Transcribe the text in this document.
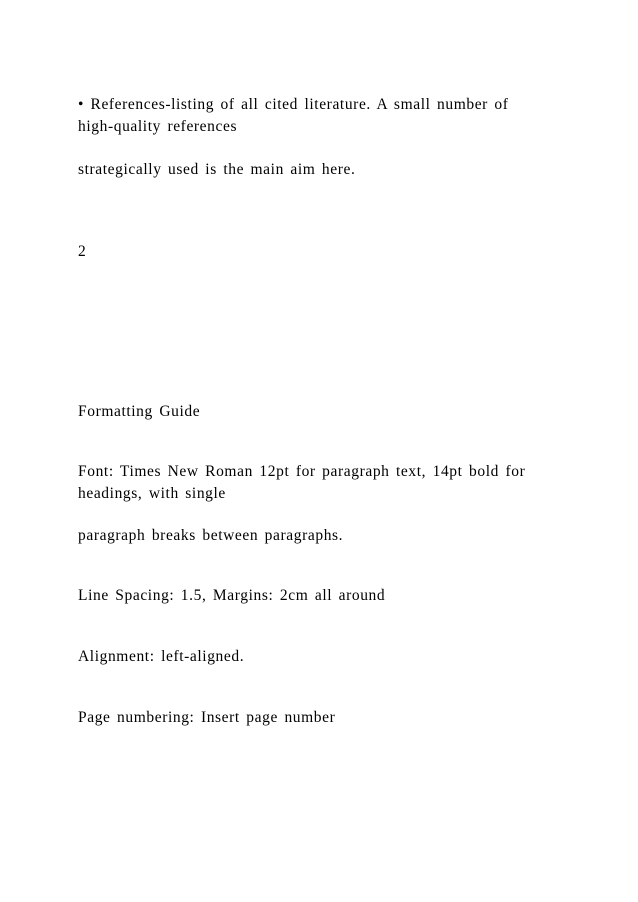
• References-listing of all cited literature. A small number of

high-quality references

strategically used is the main aim here.

2

Formatting Guide

Font: Times New Roman 12pt for paragraph text, 14pt bold for

headings, with single

paragraph breaks between paragraphs.

Line Spacing: 1.5, Margins: 2cm all around

Alignment: left-aligned.

Page numbering: Insert page number
